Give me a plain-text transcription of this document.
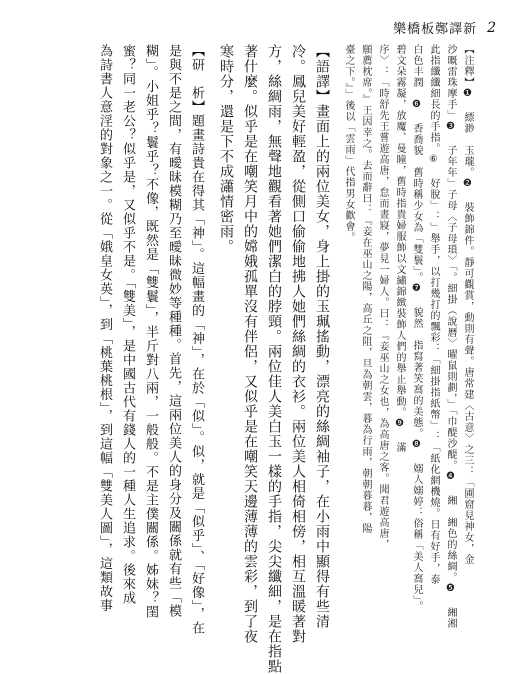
樂橋板鄭譯新 2
【注釋】❶ 縹渺　玉瓏。❷ 裝飾錦件。靜可觀賞，動則有聲。唐常建〈古意〉之三：「圃窟見神女，金
沙嘅雷珠摩手」❸ 子年年」子母〈子母瑣〉「。細掛（說曆〉曜鼠則劃，」「巾醍沙醍。❹ 緗　緗色的絲綢。❺ 緗湘
此指纖纖細長的手指。⑥ 好脫」：」舉手，以打幾打的飄彩：「細掛指紙幣」：「紙化網機燒。日有好手，泰
白色丰潤　❻ 香喬貌　舊時稱少女為「雙鬟」。❼ 貌然　指寫著笑窩的美態。❽ 嫋人嫋婷：俗稱「美人窩兒」。
碧文朵霧凝，放魔、曼瞳，舊時指貴婦服飾以文繡錦緻裝飾人們的舉止舉動。❾ 滿
序〉：「時舒先王嘗遊高唐，怠而晝寢，夢見一婦人。曰：『妾巫山之女也，為高唐之客。聞君遊高唐，
願薦枕席。』王因幸之。去而辭曰：『妾在巫山之陽，高丘之阻，旦為朝雲，暮為行雨，朝朝暮暮，陽
臺之下。』」後以「雲雨」代指男女歡會。
【語譯】畫面上的兩位美女，身上掛的玉珮搖動，漂亮的絲綢袖子，在小雨中顯得有些清
冷。鳳兒美好輕盈，從側口偷偷地拂人她們絲綢的衣衫。兩位美人相倚相傍，相互溫暖著對
方，絲綢雨，無聲地觀看著她們潔白的脖頸。兩位佳人美白玉一樣的手指，尖尖纖細，是在指點
著什麼。似乎是在嘲笑月中的嫦娥孤單沒有伴侶，又似乎是在嘲笑天邊薄薄的雲彩，到了夜
寒時分，還是下不成瀟情密雨。
【研　析】題畫詩貴在得其「神」。這幅畫的「神」，在於「似」。似，就是「似乎」、「好像」，在
是與不是之間，有曖昧模糊乃至曖昧微妙等種種。首先，這兩位美人的身分及關係就有些「模
糊」。小姐乎？鬟乎？不像，既然是「雙鬟」，半斤對八兩，一般般。不是主僕關係。姊妹？閨
蜜？同一老公？似乎是，又似乎不是。「雙美」，是中國古代有錢人的一種人生追求。後來成
為詩書人意淫的對象之一。從「娥皇女英」，到「桃葉桃根」，到這幅「雙美人圖」，這類故事
